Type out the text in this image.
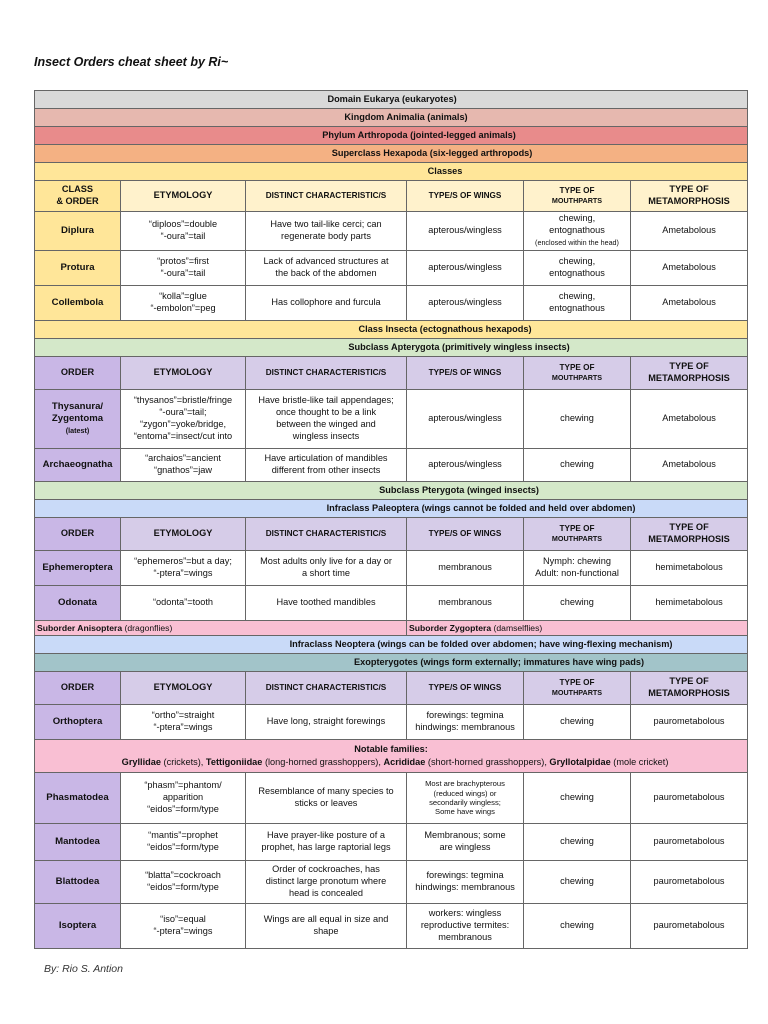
Insect Orders cheat sheet by Ri~
Domain Eukarya (eukaryotes)					
Kingdom Animalia (animals)					
Phylum Arthropoda (jointed-legged animals)					
Superclass Hexapoda (six-legged arthropods)					
Classes					
CLASS
& ORDER	ETYMOLOGY	DISTINCT CHARACTERISTIC/S	TYPE/S OF WINGS	TYPE OF
MOUTHPARTS	TYPE OF
METAMORPHOSIS
Diplura	“diploos”=double
“-oura”=tail	Have two tail-like cerci; can
regenerate body parts	apterous/wingless	chewing,
entognathous
(enclosed within the head)	Ametabolous
Protura	“protos”=first
“-oura”=tail	Lack of advanced structures at
the back of the abdomen	apterous/wingless	chewing,
entognathous	Ametabolous
Collembola	“kolla”=glue
“-embolon”=peg	Has collophore and furcula	apterous/wingless	chewing,
entognathous	Ametabolous
Class Insecta (ectognathous hexapods)					
Subclass Apterygota (primitively wingless insects)					
ORDER	ETYMOLOGY	DISTINCT CHARACTERISTIC/S	TYPE/S OF WINGS	TYPE OF
MOUTHPARTS	TYPE OF
METAMORPHOSIS
Thysanura/
Zygentoma
(latest)	“thysanos”=bristle/fringe
“-oura”=tail;
“zygon”=yoke/bridge,
“entoma”=insect/cut into	Have bristle-like tail appendages;
once thought to be a link
between the winged and
wingless insects	apterous/wingless	chewing	Ametabolous
Archaeognatha	“archaios”=ancient
“gnathos”=jaw	Have articulation of mandibles
different from other insects	apterous/wingless	chewing	Ametabolous
Subclass Pterygota (winged insects)					
Infraclass Paleoptera (wings cannot be folded and held over abdomen)					
ORDER	ETYMOLOGY	DISTINCT CHARACTERISTIC/S	TYPE/S OF WINGS	TYPE OF
MOUTHPARTS	TYPE OF
METAMORPHOSIS
Ephemeroptera	“ephemeros”=but a day;
“-ptera”=wings	Most adults only live for a day or
a short time	membranous	Nymph: chewing
Adult: non-functional	hemimetabolous
Odonata	“odonta”=tooth	Have toothed mandibles	membranous	chewing	hemimetabolous
Suborder Anisoptera (dragonflies)			Suborder Zygoptera (damselflies)		
Infraclass Neoptera (wings can be folded over abdomen; have wing-flexing mechanism)					
Exopterygotes (wings form externally; immatures have wing pads)					
ORDER	ETYMOLOGY	DISTINCT CHARACTERISTIC/S	TYPE/S OF WINGS	TYPE OF
MOUTHPARTS	TYPE OF
METAMORPHOSIS
Orthoptera	“ortho”=straight
“-ptera”=wings	Have long, straight forewings	forewings: tegmina
hindwings: membranous	chewing	paurometabolous
Notable families:
Gryllidae (crickets), Tettigoniidae (long-horned grasshoppers), Acrididae (short-horned grasshoppers), Gryllotalpidae (mole cricket)					
Phasmatodea	“phasm”=phantom/
apparition
“eidos”=form/type	Resemblance of many species to
sticks or leaves	Most are brachypterous
(reduced wings) or
secondarily wingless;
Some have wings	chewing	paurometabolous
Mantodea	“mantis”=prophet
“eidos”=form/type	Have prayer-like posture of a
prophet, has large raptorial legs	Membranous; some
are wingless	chewing	paurometabolous
Blattodea	“blatta”=cockroach
“eidos”=form/type	Order of cockroaches, has
distinct large pronotum where
head is concealed	forewings: tegmina
hindwings: membranous	chewing	paurometabolous
Isoptera	“iso”=equal
“-ptera”=wings	Wings are all equal in size and
shape	workers: wingless
reproductive termites:
membranous	chewing	paurometabolous
By: Rio S. Antion
